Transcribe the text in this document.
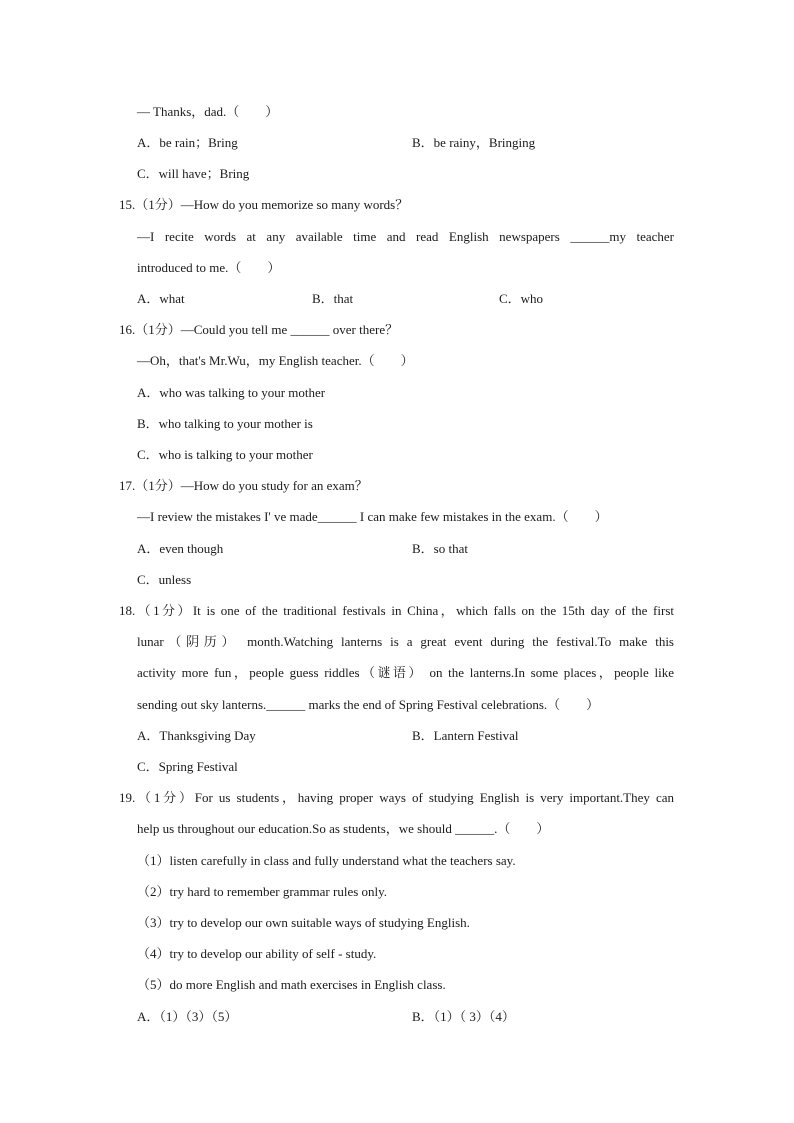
— Thanks，dad.（　　）
A．be rain；Bring	B．be rainy，Bringing
C．will have；Bring
15.（1分）—How do you memorize so many words？
—I recite words at any available time and read English newspapers ______my teacher
introduced to me.（　　）
A．what	B．that	C．who
16.（1分）—Could you tell me ______ over there？
—Oh，that's Mr.Wu，my English teacher.（　　）
A．who was talking to your mother
B．who talking to your mother is
C．who is talking to your mother
17.（1分）—How do you study for an exam？
—I review the mistakes I' ve made______ I can make few mistakes in the exam.（　　）
A．even though	B．so that
C．unless
18.（1分）It is one of the traditional festivals in China，which falls on the 15th day of the first
lunar（阴历） month.Watching lanterns is a great event during the festival.To make this
activity more fun，people guess riddles（谜语） on the lanterns.In some places，people like
sending out sky lanterns.______ marks the end of Spring Festival celebrations.（　　）
A．Thanksgiving Day	B．Lantern Festival
C．Spring Festival
19.（1分）For us students，having proper ways of studying English is very important.They can
help us throughout our education.So as students，we should ______.（　　）
（1）listen carefully in class and fully understand what the teachers say.
（2）try hard to remember grammar rules only.
（3）try to develop our own suitable ways of studying English.
（4）try to develop our ability of self - study.
（5）do more English and math exercises in English class.
A．（1）（3）（5）	B．（1）（ 3）（4）
